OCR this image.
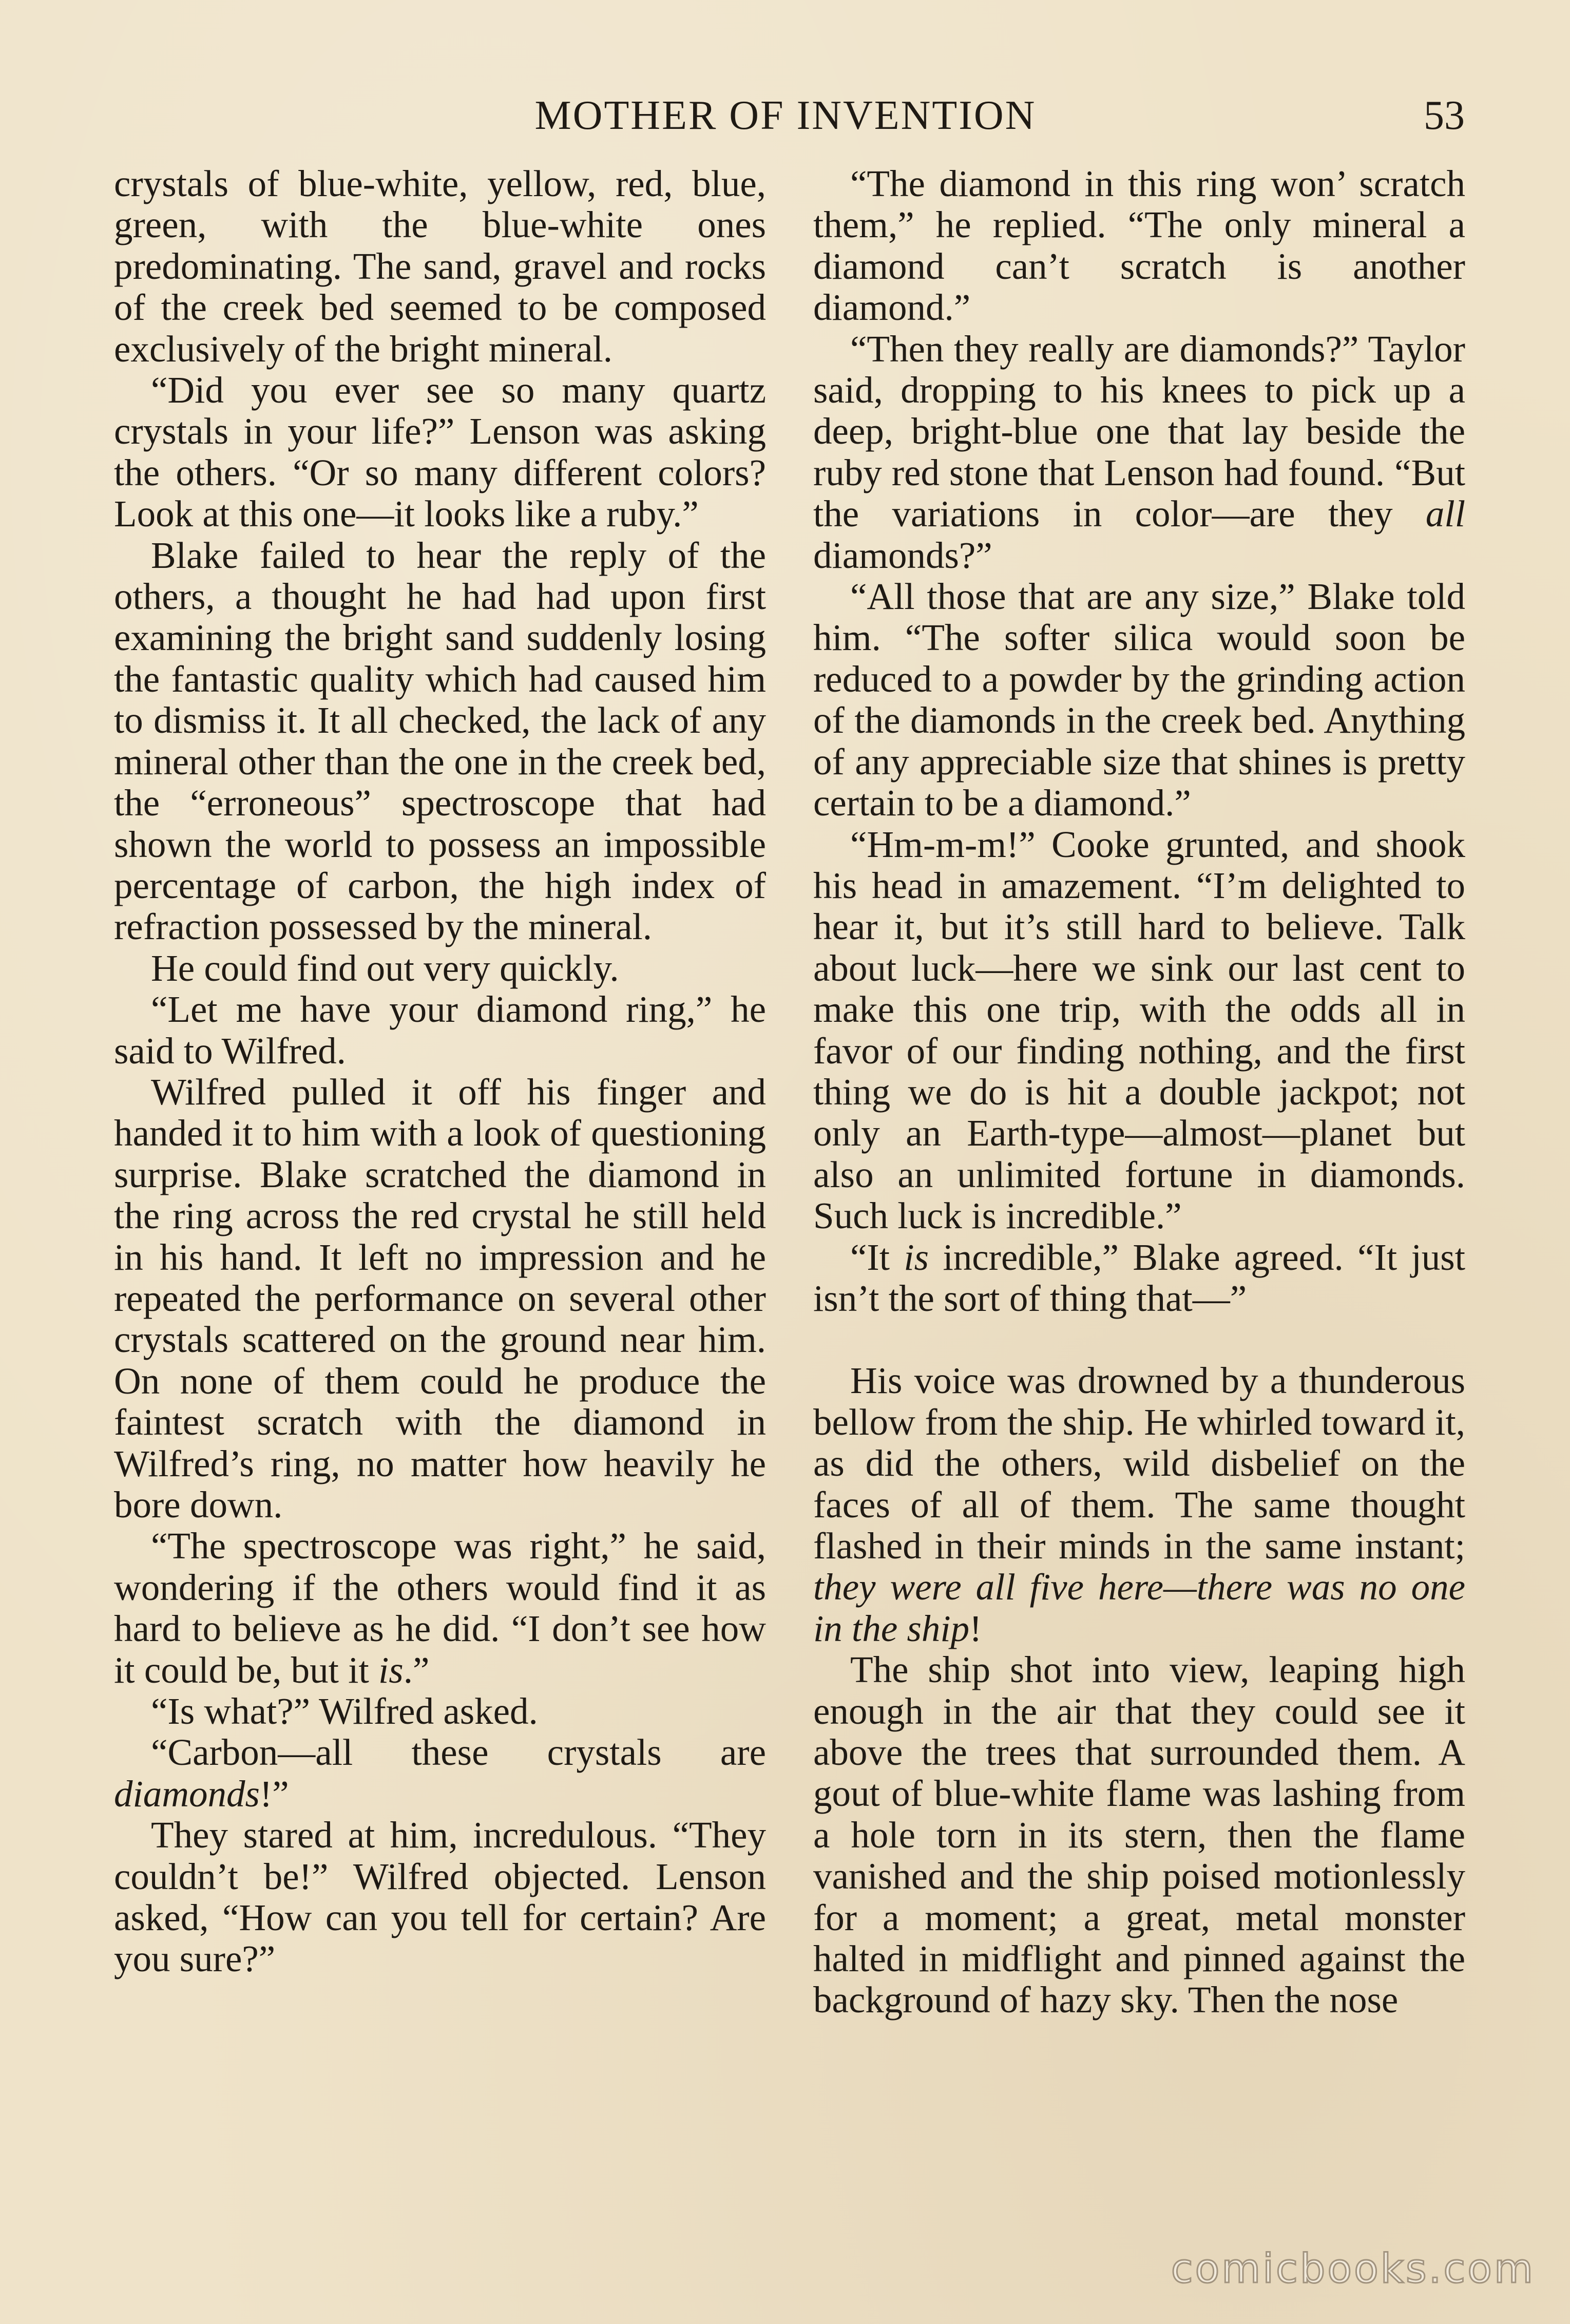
MOTHER OF INVENTION	53

crystals of blue-white, yellow, red, blue, green, with the blue-white ones predominating. The sand, gravel and rocks of the creek bed seemed to be composed exclusively of the bright mineral.

“Did you ever see so many quartz crystals in your life?” Lenson was asking the others. “Or so many different colors? Look at this one—it looks like a ruby.”

Blake failed to hear the reply of the others, a thought he had had upon first examining the bright sand suddenly losing the fantastic quality which had caused him to dismiss it. It all checked, the lack of any mineral other than the one in the creek bed, the “erroneous” spectroscope that had shown the world to possess an impossible percentage of carbon, the high index of refraction possessed by the mineral.

He could find out very quickly.

“Let me have your diamond ring,” he said to Wilfred.

Wilfred pulled it off his finger and handed it to him with a look of questioning surprise. Blake scratched the diamond in the ring across the red crystal he still held in his hand. It left no impression and he repeated the performance on several other crystals scattered on the ground near him. On none of them could he produce the faintest scratch with the diamond in Wilfred’s ring, no matter how heavily he bore down.

“The spectroscope was right,” he said, wondering if the others would find it as hard to believe as he did. “I don’t see how it could be, but it is.”

“Is what?” Wilfred asked.

“Carbon—all these crystals are diamonds!”

They stared at him, incredulous. “They couldn’t be!” Wilfred objected. Lenson asked, “How can you tell for certain? Are you sure?”

“The diamond in this ring won’ scratch them,” he replied. “The only mineral a diamond can’t scratch is another diamond.”

“Then they really are diamonds?” Taylor said, dropping to his knees to pick up a deep, bright-blue one that lay beside the ruby red stone that Lenson had found. “But the variations in color—are they all diamonds?”

“All those that are any size,” Blake told him. “The softer silica would soon be reduced to a powder by the grinding action of the diamonds in the creek bed. Anything of any appreciable size that shines is pretty certain to be a diamond.”

“Hm-m-m!” Cooke grunted, and shook his head in amazement. “I’m delighted to hear it, but it’s still hard to believe. Talk about luck—here we sink our last cent to make this one trip, with the odds all in favor of our finding nothing, and the first thing we do is hit a double jackpot; not only an Earth-type—almost—planet but also an unlimited fortune in diamonds. Such luck is incredible.”

“It is incredible,” Blake agreed. “It just isn’t the sort of thing that—”

His voice was drowned by a thunderous bellow from the ship. He whirled toward it, as did the others, wild disbelief on the faces of all of them. The same thought flashed in their minds in the same instant; they were all five here—there was no one in the ship!

The ship shot into view, leaping high enough in the air that they could see it above the trees that surrounded them. A gout of blue-white flame was lashing from a hole torn in its stern, then the flame vanished and the ship poised motionlessly for a moment; a great, metal monster halted in midflight and pinned against the background of hazy sky. Then the nose

comicbooks.com
